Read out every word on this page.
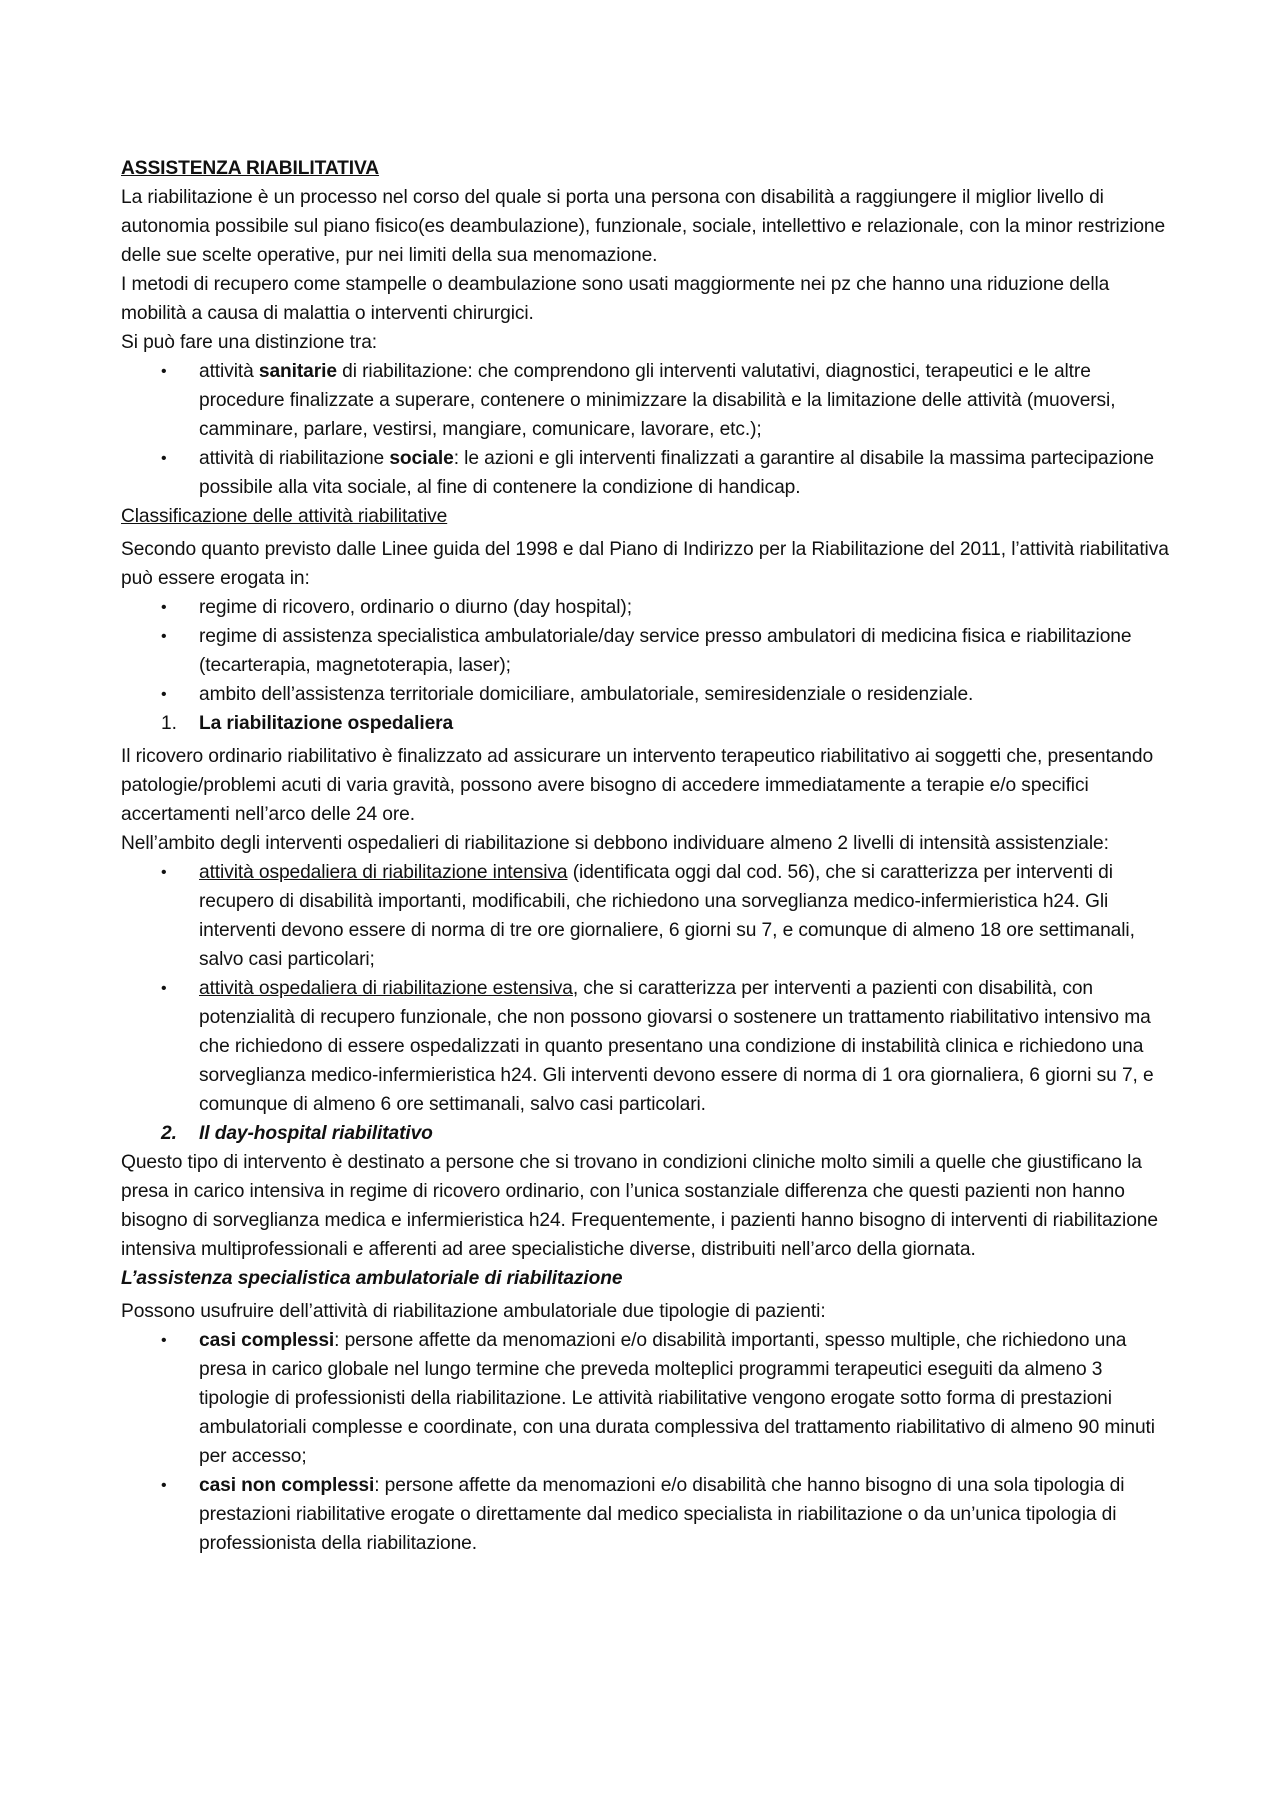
ASSISTENZA RIABILITATIVA

La riabilitazione è un processo nel corso del quale si porta una persona con disabilità a raggiungere il miglior livello di autonomia possibile sul piano fisico(es deambulazione), funzionale, sociale, intellettivo e relazionale, con la minor restrizione delle sue scelte operative, pur nei limiti della sua menomazione.

I metodi di recupero come stampelle o deambulazione sono usati maggiormente nei pz che hanno una riduzione della mobilità a causa di malattia o interventi chirurgici.

Si può fare una distinzione tra:

• attività sanitarie di riabilitazione: che comprendono gli interventi valutativi, diagnostici, terapeutici e le altre procedure finalizzate a superare, contenere o minimizzare la disabilità e la limitazione delle attività (muoversi, camminare, parlare, vestirsi, mangiare, comunicare, lavorare, etc.);
• attività di riabilitazione sociale: le azioni e gli interventi finalizzati a garantire al disabile la massima partecipazione possibile alla vita sociale, al fine di contenere la condizione di handicap.

Classificazione delle attività riabilitative

Secondo quanto previsto dalle Linee guida del 1998 e dal Piano di Indirizzo per la Riabilitazione del 2011, l’attività riabilitativa può essere erogata in:

• regime di ricovero, ordinario o diurno (day hospital);
• regime di assistenza specialistica ambulatoriale/day service presso ambulatori di medicina fisica e riabilitazione (tecarterapia, magnetoterapia, laser);
• ambito dell’assistenza territoriale domiciliare, ambulatoriale, semiresidenziale o residenziale.

1. La riabilitazione ospedaliera

Il ricovero ordinario riabilitativo è finalizzato ad assicurare un intervento terapeutico riabilitativo ai soggetti che, presentando patologie/problemi acuti di varia gravità, possono avere bisogno di accedere immediatamente a terapie e/o specifici accertamenti nell’arco delle 24 ore.

Nell’ambito degli interventi ospedalieri di riabilitazione si debbono individuare almeno 2 livelli di intensità assistenziale:

• attività ospedaliera di riabilitazione intensiva (identificata oggi dal cod. 56), che si caratterizza per interventi di recupero di disabilità importanti, modificabili, che richiedono una sorveglianza medico-infermieristica h24. Gli interventi devono essere di norma di tre ore giornaliere, 6 giorni su 7, e comunque di almeno 18 ore settimanali, salvo casi particolari;
• attività ospedaliera di riabilitazione estensiva, che si caratterizza per interventi a pazienti con disabilità, con potenzialità di recupero funzionale, che non possono giovarsi o sostenere un trattamento riabilitativo intensivo ma che richiedono di essere ospedalizzati in quanto presentano una condizione di instabilità clinica e richiedono una sorveglianza medico-infermieristica h24. Gli interventi devono essere di norma di 1 ora giornaliera, 6 giorni su 7, e comunque di almeno 6 ore settimanali, salvo casi particolari.

2. Il day-hospital riabilitativo

Questo tipo di intervento è destinato a persone che si trovano in condizioni cliniche molto simili a quelle che giustificano la presa in carico intensiva in regime di ricovero ordinario, con l’unica sostanziale differenza che questi pazienti non hanno bisogno di sorveglianza medica e infermieristica h24. Frequentemente, i pazienti hanno bisogno di interventi di riabilitazione intensiva multiprofessionali e afferenti ad aree specialistiche diverse, distribuiti nell’arco della giornata.

L’assistenza specialistica ambulatoriale di riabilitazione

Possono usufruire dell’attività di riabilitazione ambulatoriale due tipologie di pazienti:

• casi complessi: persone affette da menomazioni e/o disabilità importanti, spesso multiple, che richiedono una presa in carico globale nel lungo termine che preveda molteplici programmi terapeutici eseguiti da almeno 3 tipologie di professionisti della riabilitazione. Le attività riabilitative vengono erogate sotto forma di prestazioni ambulatoriali complesse e coordinate, con una durata complessiva del trattamento riabilitativo di almeno 90 minuti per accesso;
• casi non complessi: persone affette da menomazioni e/o disabilità che hanno bisogno di una sola tipologia di prestazioni riabilitative erogate o direttamente dal medico specialista in riabilitazione o da un’unica tipologia di professionista della riabilitazione.
